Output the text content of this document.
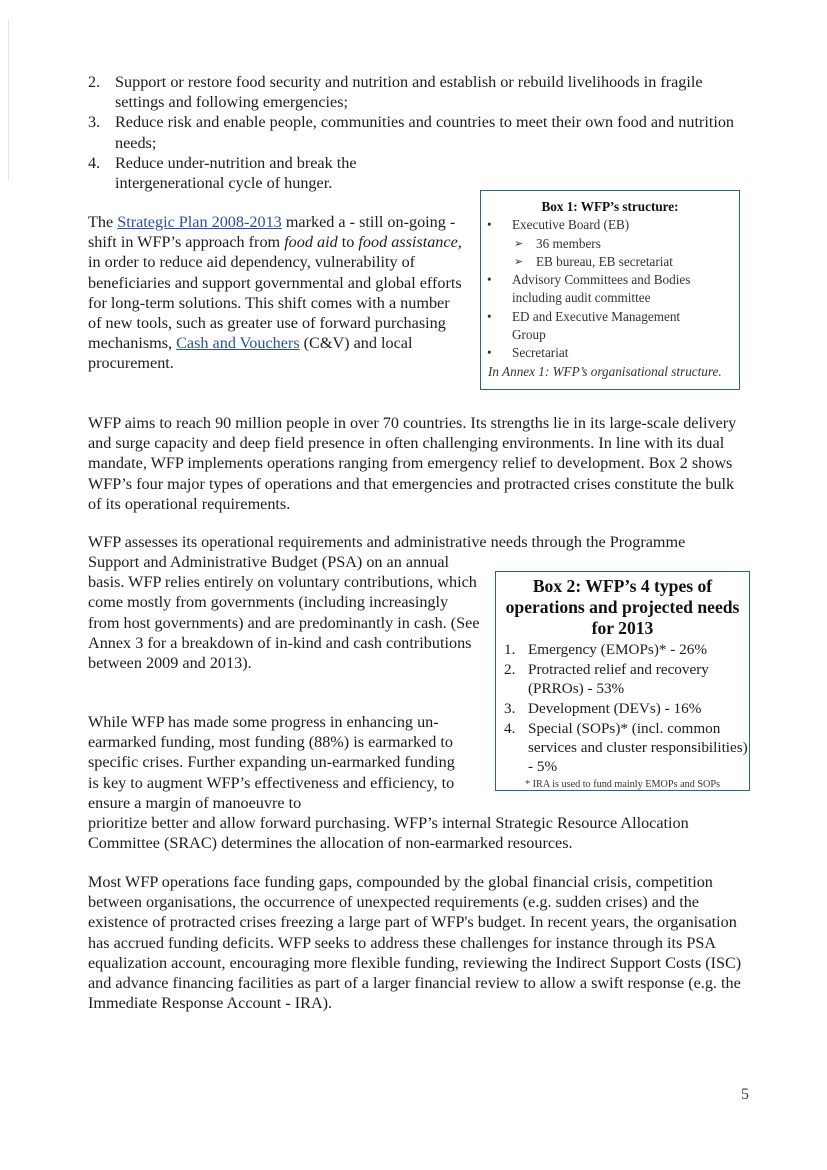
2. Support or restore food security and nutrition and establish or rebuild livelihoods in fragile settings and following emergencies;
3. Reduce risk and enable people, communities and countries to meet their own food and nutrition needs;
4. Reduce under-nutrition and break the intergenerational cycle of hunger.

The Strategic Plan 2008-2013 marked a - still on-going - shift in WFP’s approach from food aid to food assistance, in order to reduce aid dependency, vulnerability of beneficiaries and support governmental and global efforts for long-term solutions. This shift comes with a number of new tools, such as greater use of forward purchasing mechanisms, Cash and Vouchers (C&V) and local procurement.

Box 1: WFP’s structure:
• Executive Board (EB)
➢ 36 members
➢ EB bureau, EB secretariat
• Advisory Committees and Bodies including audit committee
• ED and Executive Management Group
• Secretariat
In Annex 1: WFP’s organisational structure.

WFP aims to reach 90 million people in over 70 countries. Its strengths lie in its large-scale delivery and surge capacity and deep field presence in often challenging environments. In line with its dual mandate, WFP implements operations ranging from emergency relief to development. Box 2 shows WFP’s four major types of operations and that emergencies and protracted crises constitute the bulk of its operational requirements.

WFP assesses its operational requirements and administrative needs through the Programme

Support and Administrative Budget (PSA) on an annual basis. WFP relies entirely on voluntary contributions, which come mostly from governments (including increasingly from host governments) and are predominantly in cash. (See Annex 3 for a breakdown of in-kind and cash contributions between 2009 and 2013).

Box 2: WFP’s 4 types of operations and projected needs for 2013
1. Emergency (EMOPs)* - 26%
2. Protracted relief and recovery (PRROs) - 53%
3. Development (DEVs) - 16%
4. Special (SOPs)* (incl. common services and cluster responsibilities) - 5%
* IRA is used to fund mainly EMOPs and SOPs

While WFP has made some progress in enhancing un-earmarked funding, most funding (88%) is earmarked to specific crises. Further expanding un-earmarked funding is key to augment WFP’s effectiveness and efficiency, to ensure a margin of manoeuvre to

prioritize better and allow forward purchasing. WFP’s internal Strategic Resource Allocation Committee (SRAC) determines the allocation of non-earmarked resources.

Most WFP operations face funding gaps, compounded by the global financial crisis, competition between organisations, the occurrence of unexpected requirements (e.g. sudden crises) and the existence of protracted crises freezing a large part of WFP's budget. In recent years, the organisation has accrued funding deficits. WFP seeks to address these challenges for instance through its PSA equalization account, encouraging more flexible funding, reviewing the Indirect Support Costs (ISC) and advance financing facilities as part of a larger financial review to allow a swift response (e.g. the Immediate Response Account - IRA).

5
